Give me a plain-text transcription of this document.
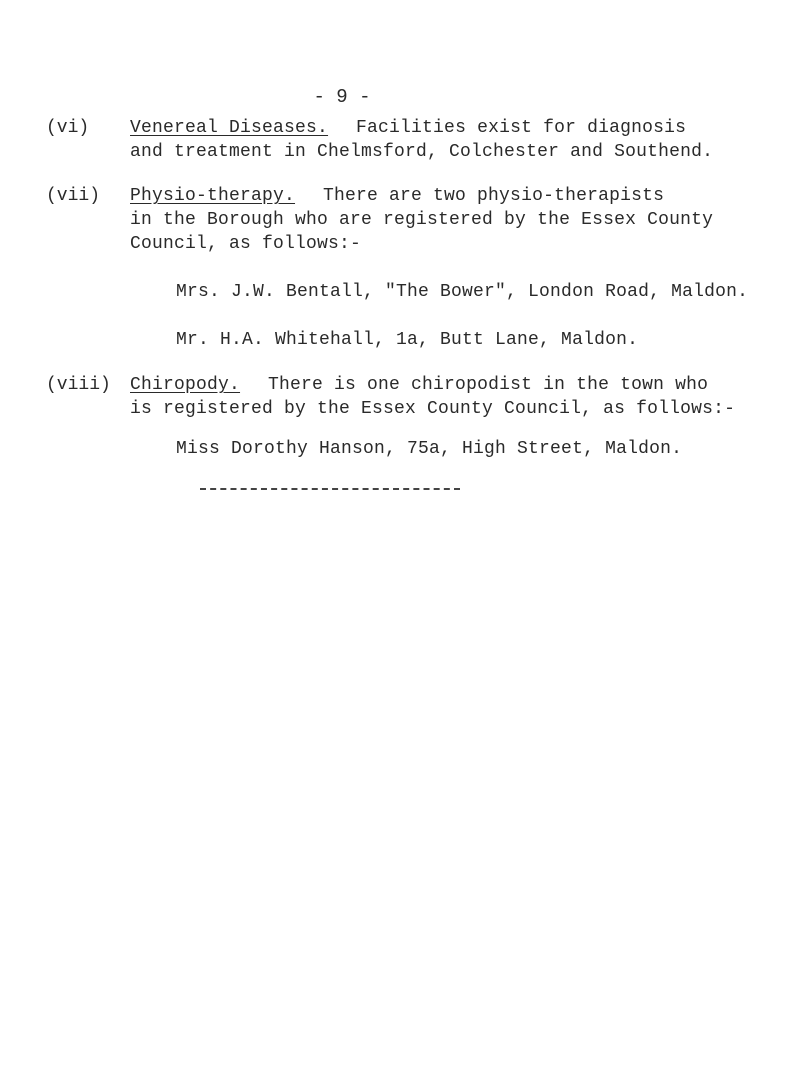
- 9 -
(vi) Venereal Diseases. Facilities exist for diagnosis
and treatment in Chelmsford, Colchester and Southend.
(vii) Physio-therapy. There are two physio-therapists
in the Borough who are registered by the Essex County
Council, as follows:-
Mrs. J.W. Bentall, "The Bower", London Road, Maldon.
Mr. H.A. Whitehall, 1a, Butt Lane, Maldon.
(viii) Chiropody. There is one chiropodist in the town who
is registered by the Essex County Council, as follows:-
Miss Dorothy Hanson, 75a, High Street, Maldon.
